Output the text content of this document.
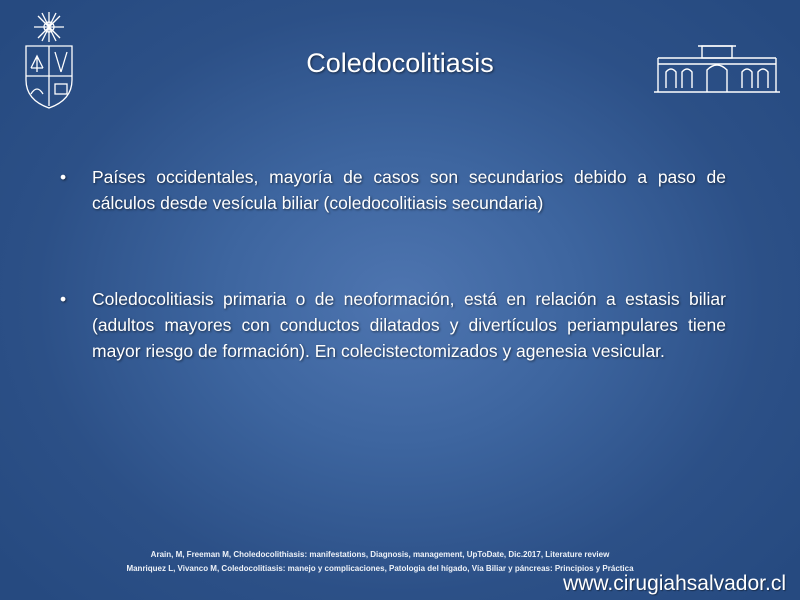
Coledocolitiasis
• Países occidentales, mayoría de casos son secundarios debido a paso de cálculos desde vesícula biliar (coledocolitiasis secundaria)
• Coledocolitiasis primaria o de neoformación, está en relación a estasis biliar (adultos mayores con conductos dilatados y divertículos periampulares tiene mayor riesgo de formación). En colecistectomizados y agenesia vesicular.
Arain, M, Freeman M, Choledocolithiasis: manifestations, Diagnosis, management, UpToDate, Dic.2017, Literature review
Manriquez L, Vivanco M, Coledocolitiasis: manejo y complicaciones, Patologia del hígado, Vía Biliar y páncreas: Principios y Práctica
www.cirugiahsalvador.cl
